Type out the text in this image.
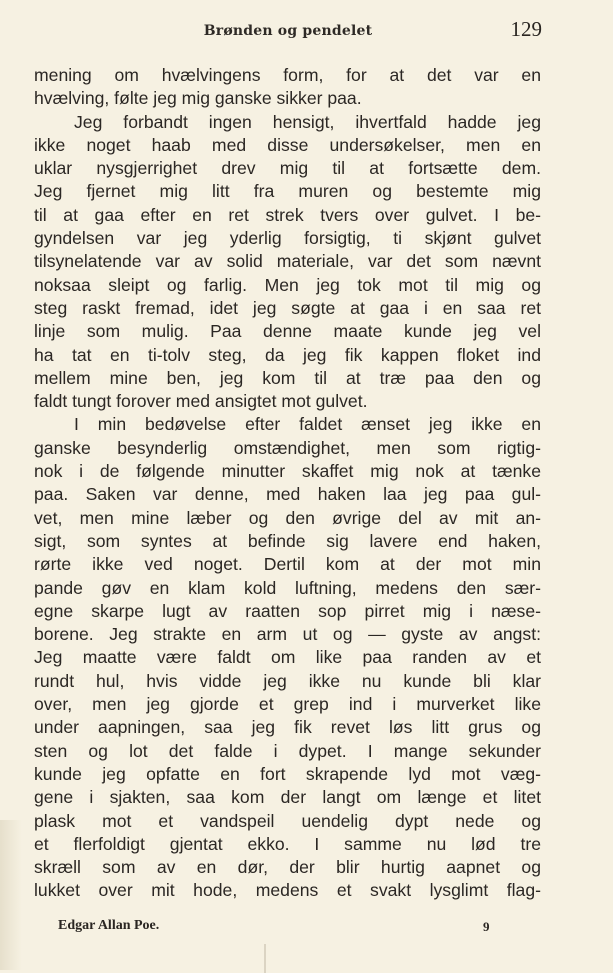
Brønden og pendelet	129
mening om hvælvingens form, for at det var en
hvælving, følte jeg mig ganske sikker paa.
Jeg forbandt ingen hensigt, ihvertfald hadde jeg
ikke noget haab med disse undersøkelser, men en
uklar nysgjerrighet drev mig til at fortsætte dem.
Jeg fjernet mig litt fra muren og bestemte mig
til at gaa efter en ret strek tvers over gulvet. I be-
gyndelsen var jeg yderlig forsigtig, ti skjønt gulvet
tilsynelatende var av solid materiale, var det som nævnt
noksaa sleipt og farlig. Men jeg tok mot til mig og
steg raskt fremad, idet jeg søgte at gaa i en saa ret
linje som mulig. Paa denne maate kunde jeg vel
ha tat en ti-tolv steg, da jeg fik kappen floket ind
mellem mine ben, jeg kom til at træ paa den og
faldt tungt forover med ansigtet mot gulvet.
I min bedøvelse efter faldet ænset jeg ikke en
ganske besynderlig omstændighet, men som rigtig-
nok i de følgende minutter skaffet mig nok at tænke
paa. Saken var denne, med haken laa jeg paa gul-
vet, men mine læber og den øvrige del av mit an-
sigt, som syntes at befinde sig lavere end haken,
rørte ikke ved noget. Dertil kom at der mot min
pande gøv en klam kold luftning, medens den sær-
egne skarpe lugt av raatten sop pirret mig i næse-
borene. Jeg strakte en arm ut og — gyste av angst:
Jeg maatte være faldt om like paa randen av et
rundt hul, hvis vidde jeg ikke nu kunde bli klar
over, men jeg gjorde et grep ind i murverket like
under aapningen, saa jeg fik revet løs litt grus og
sten og lot det falde i dypet. I mange sekunder
kunde jeg opfatte en fort skrapende lyd mot væg-
gene i sjakten, saa kom der langt om længe et litet
plask mot et vandspeil uendelig dypt nede og
et flerfoldigt gjentat ekko. I samme nu lød tre
skræll som av en dør, der blir hurtig aapnet og
lukket over mit hode, medens et svakt lysglimt flag-
Edgar Allan Poe.	9
